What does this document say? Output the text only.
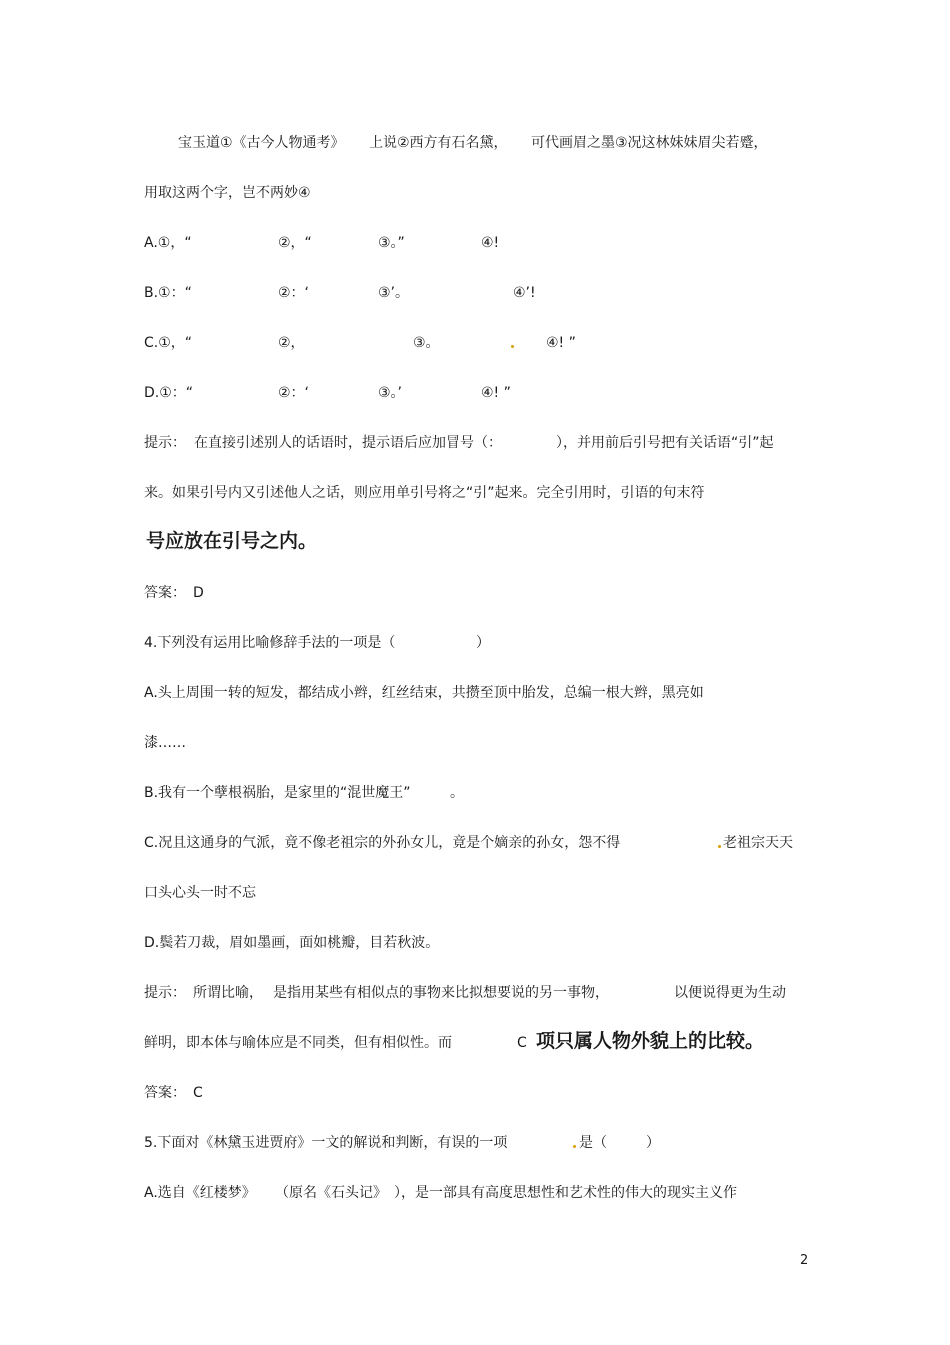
宝玉道①《古今人物通考》 上说②西方有石名黛， 可代画眉之墨③况这林妹妹眉尖若蹙，
用取这两个字，岂不两妙④
A.①，“	②，“	③。”	④!
B.①：“	②：‘	③’。	④’!
C.①，“	②，	③。	④! ”
D.①：“	②：‘	③。’	④! ”
提示： 在直接引述别人的话语时，提示语后应加冒号（：	），并用前后引号把有关话语“引”起
来。如果引号内又引述他人之话，则应用单引号将之“引”起来。完全引用时，引语的句末符
号应放在引号之内。
答案： D
4.下列没有运用比喻修辞手法的一项是（	）
A.头上周围一转的短发，都结成小辫，红丝结束，共攒至顶中胎发，总编一根大辫，黑亮如
漆……
B.我有一个孽根祸胎，是家里的“混世魔王”	。
C.况且这通身的气派，竟不像老祖宗的外孙女儿，竟是个嫡亲的孙女，怨不得	老祖宗天天
口头心头一时不忘
D.鬓若刀裁，眉如墨画，面如桃瓣，目若秋波。
提示： 所谓比喻， 是指用某些有相似点的事物来比拟想要说的另一事物，	以便说得更为生动
鲜明，即本体与喻体应是不同类，但有相似性。而	C 项只属人物外貌上的比较。
答案： C
5.下面对《林黛玉进贾府》一文的解说和判断，有误的一项	是（	）
A.选自《红楼梦》 （原名《石头记》 ），是一部具有高度思想性和艺术性的伟大的现实主义作
2
